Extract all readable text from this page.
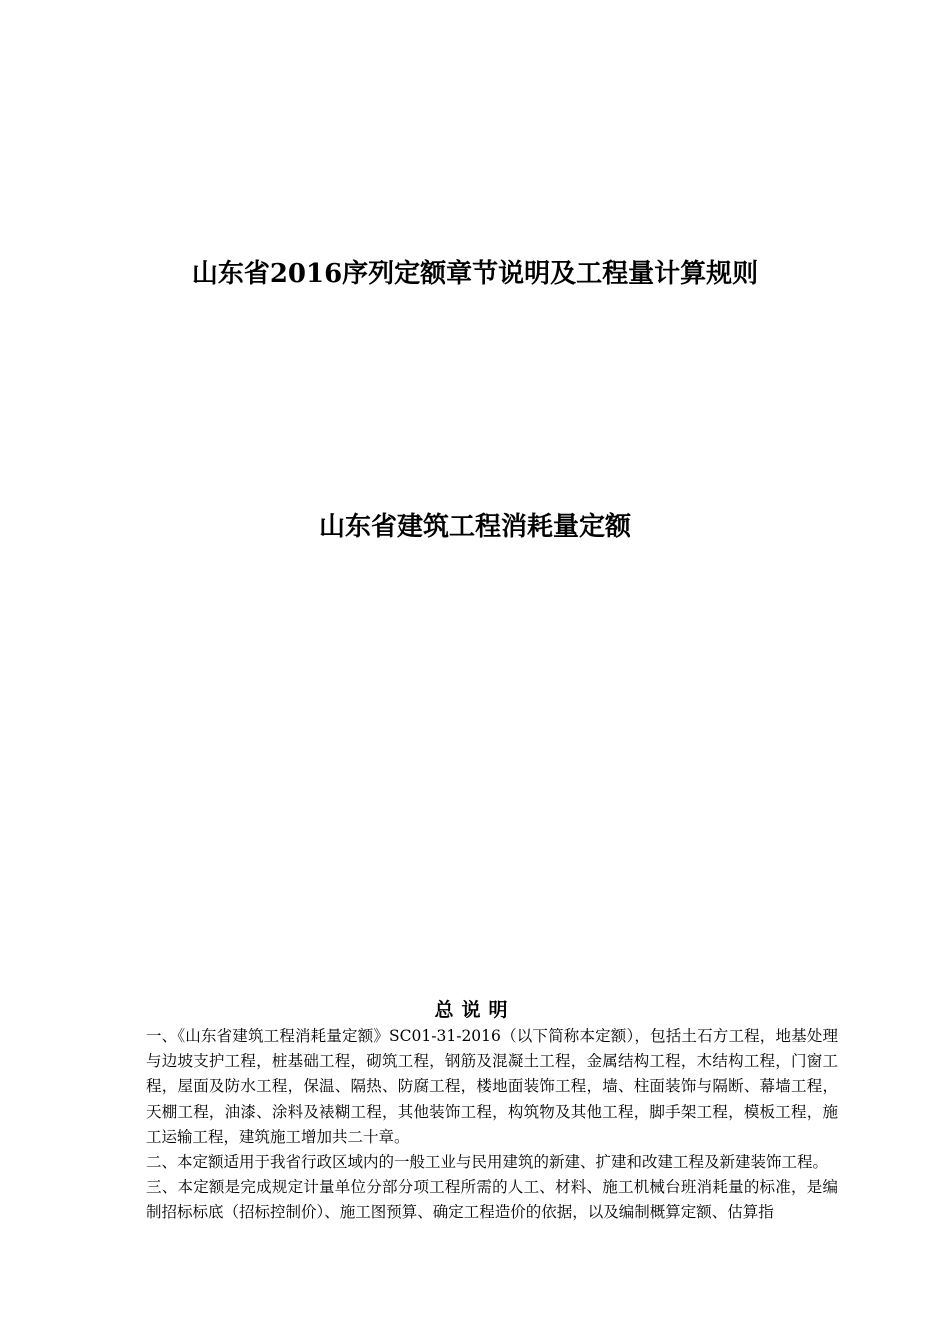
山东省2016序列定额章节说明及工程量计算规则
山东省建筑工程消耗量定额
总说明

一、《山东省建筑工程消耗量定额》SC01-31-2016（以下简称本定额），包括土石方工程，地基处理与边坡支护工程，桩基础工程，砌筑工程，钢筋及混凝土工程，金属结构工程，木结构工程，门窗工程，屋面及防水工程，保温、隔热、防腐工程，楼地面装饰工程，墙、柱面装饰与隔断、幕墙工程，天棚工程，油漆、涂料及裱糊工程，其他装饰工程，构筑物及其他工程，脚手架工程，模板工程，施工运输工程，建筑施工增加共二十章。

二、本定额适用于我省行政区域内的一般工业与民用建筑的新建、扩建和改建工程及新建装饰工程。

三、本定额是完成规定计量单位分部分项工程所需的人工、材料、施工机械台班消耗量的标准，是编制招标标底（招标控制价）、施工图预算、确定工程造价的依据，以及编制概算定额、估算指
